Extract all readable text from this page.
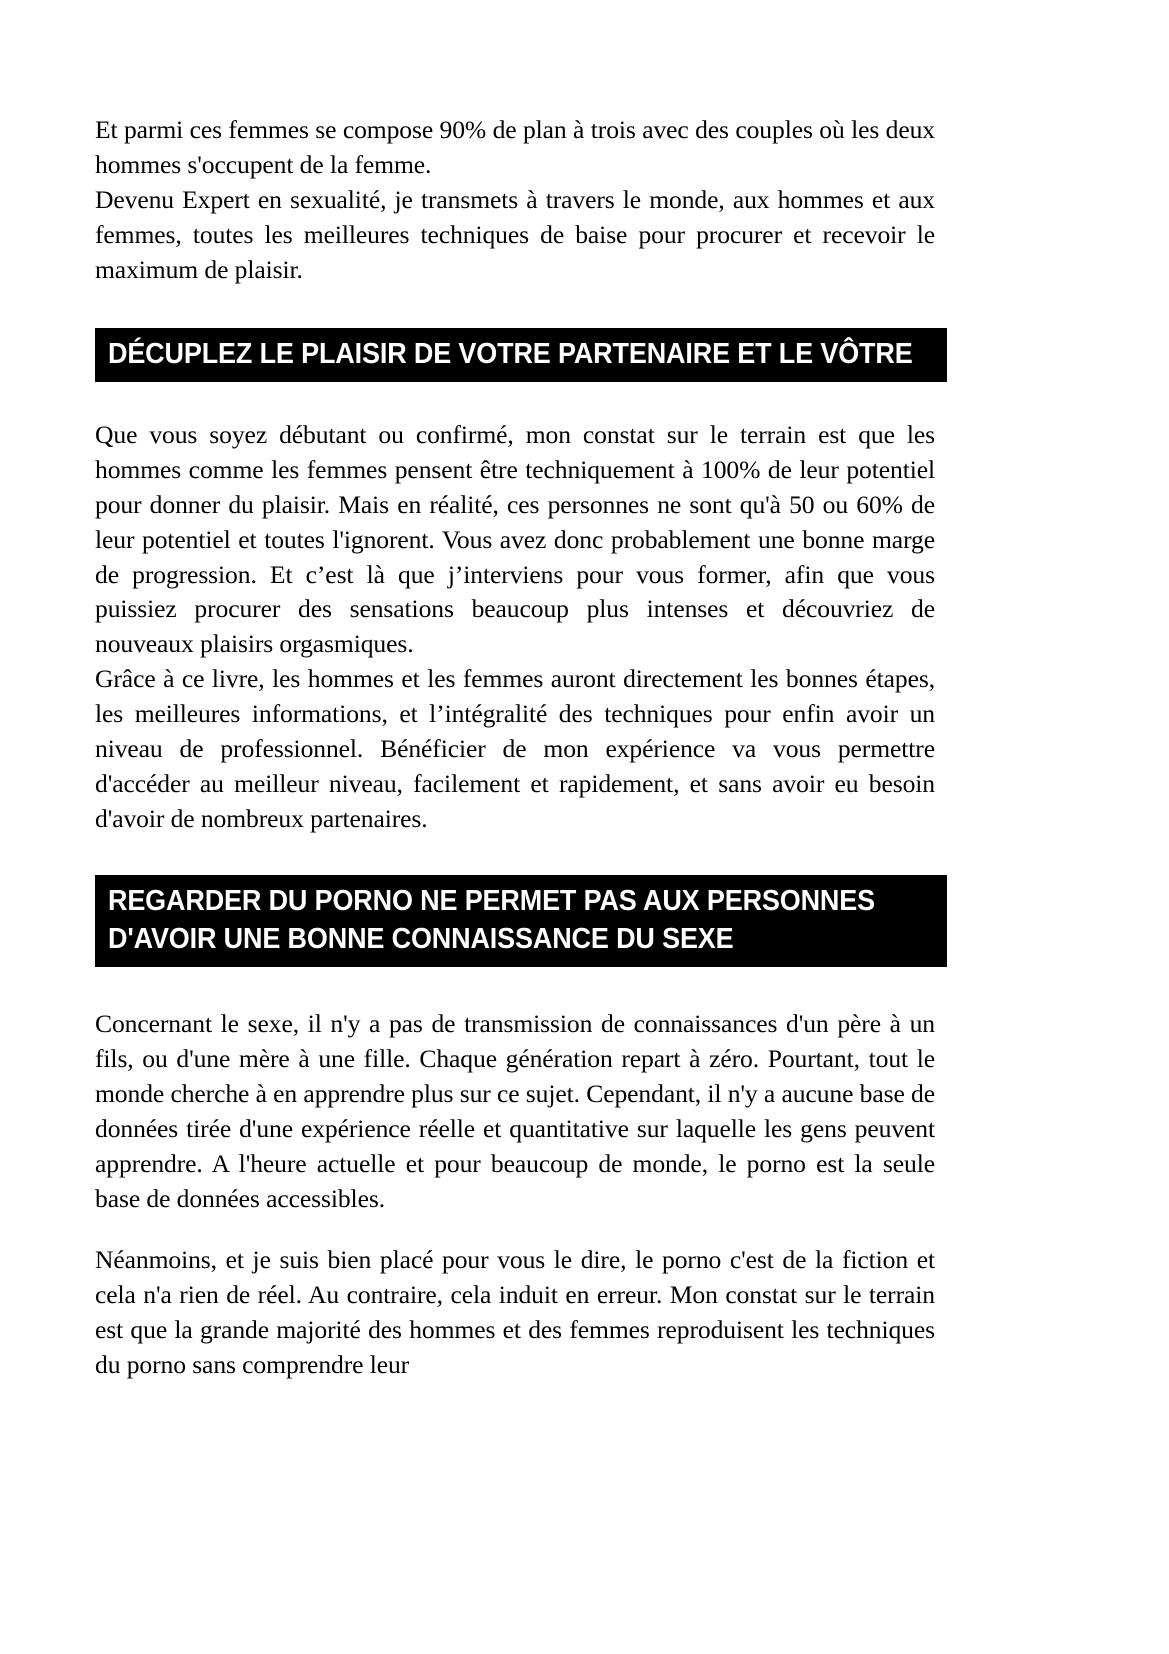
Et parmi ces femmes se compose 90% de plan à trois avec des couples où les deux hommes s'occupent de la femme.

Devenu Expert en sexualité, je transmets à travers le monde, aux hommes et aux femmes, toutes les meilleures techniques de baise pour procurer et recevoir le maximum de plaisir.

DÉCUPLEZ LE PLAISIR DE VOTRE PARTENAIRE ET LE VÔTRE

Que vous soyez débutant ou confirmé, mon constat sur le terrain est que les hommes comme les femmes pensent être techniquement à 100% de leur potentiel pour donner du plaisir. Mais en réalité, ces personnes ne sont qu'à 50 ou 60% de leur potentiel et toutes l'ignorent. Vous avez donc probablement une bonne marge de progression. Et c’est là que j’interviens pour vous former, afin que vous puissiez procurer des sensations beaucoup plus intenses et découvriez de nouveaux plaisirs orgasmiques.

Grâce à ce livre, les hommes et les femmes auront directement les bonnes étapes, les meilleures informations, et l’intégralité des techniques pour enfin avoir un niveau de professionnel. Bénéficier de mon expérience va vous permettre d'accéder au meilleur niveau, facilement et rapidement, et sans avoir eu besoin d'avoir de nombreux partenaires.

REGARDER DU PORNO NE PERMET PAS AUX PERSONNES
D'AVOIR UNE BONNE CONNAISSANCE DU SEXE

Concernant le sexe, il n'y a pas de transmission de connaissances d'un père à un fils, ou d'une mère à une fille. Chaque génération repart à zéro. Pourtant, tout le monde cherche à en apprendre plus sur ce sujet. Cependant, il n'y a aucune base de données tirée d'une expérience réelle et quantitative sur laquelle les gens peuvent apprendre. A l'heure actuelle et pour beaucoup de monde, le porno est la seule base de données accessibles.

Néanmoins, et je suis bien placé pour vous le dire, le porno c'est de la fiction et cela n'a rien de réel. Au contraire, cela induit en erreur. Mon constat sur le terrain est que la grande majorité des hommes et des femmes reproduisent les techniques du porno sans comprendre leur
